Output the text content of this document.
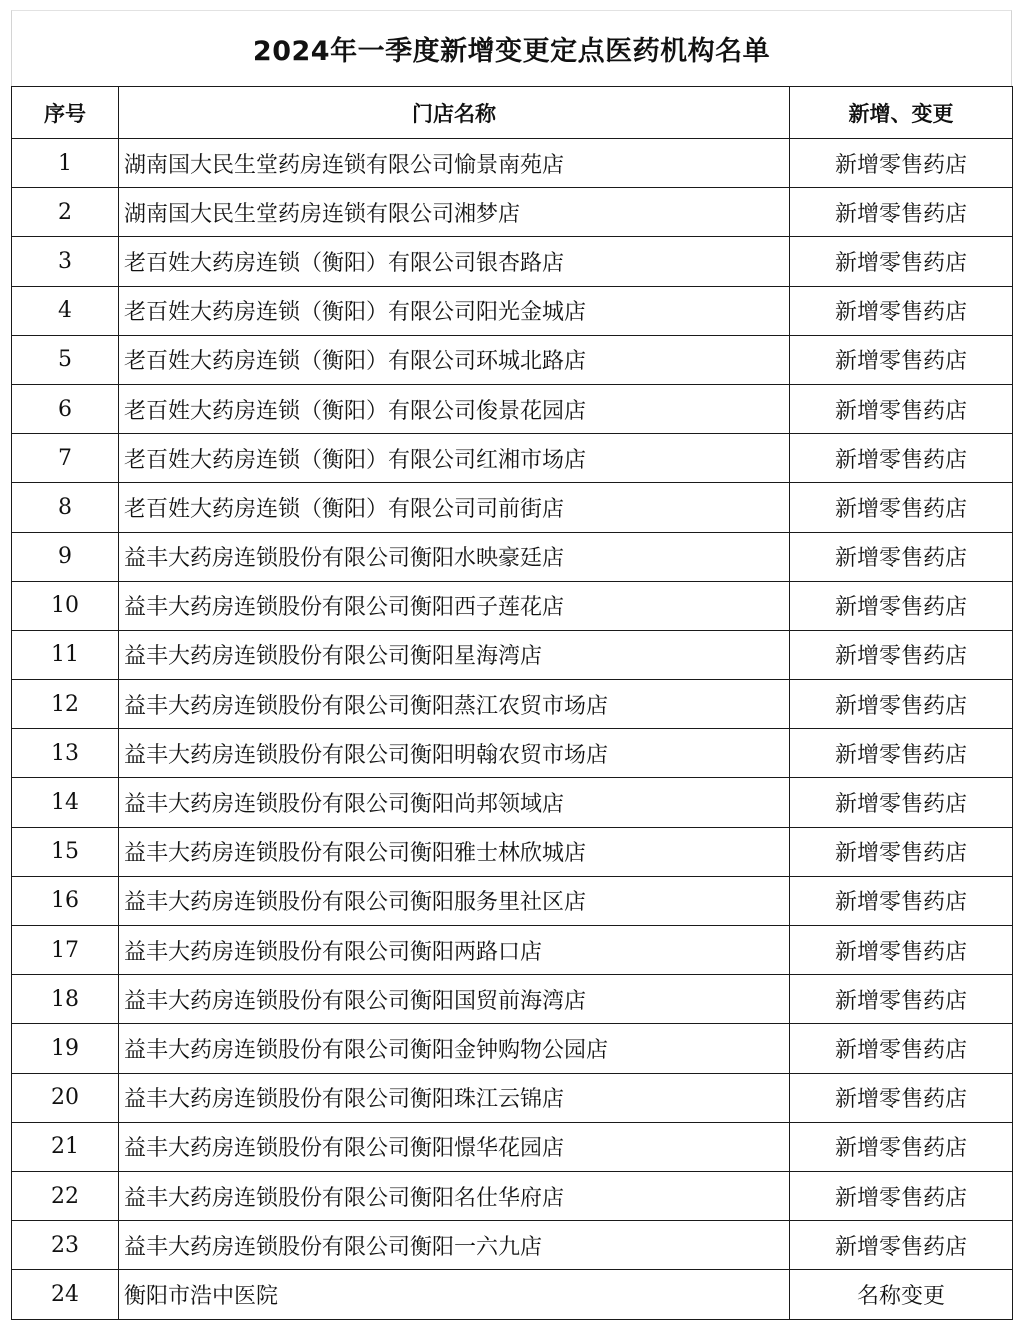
2024年一季度新增变更定点医药机构名单
序号	门店名称	新增、变更
1	湖南国大民生堂药房连锁有限公司愉景南苑店	新增零售药店
2	湖南国大民生堂药房连锁有限公司湘梦店	新增零售药店
3	老百姓大药房连锁（衡阳）有限公司银杏路店	新增零售药店
4	老百姓大药房连锁（衡阳）有限公司阳光金城店	新增零售药店
5	老百姓大药房连锁（衡阳）有限公司环城北路店	新增零售药店
6	老百姓大药房连锁（衡阳）有限公司俊景花园店	新增零售药店
7	老百姓大药房连锁（衡阳）有限公司红湘市场店	新增零售药店
8	老百姓大药房连锁（衡阳）有限公司司前街店	新增零售药店
9	益丰大药房连锁股份有限公司衡阳水映豪廷店	新增零售药店
10	益丰大药房连锁股份有限公司衡阳西子莲花店	新增零售药店
11	益丰大药房连锁股份有限公司衡阳星海湾店	新增零售药店
12	益丰大药房连锁股份有限公司衡阳蒸江农贸市场店	新增零售药店
13	益丰大药房连锁股份有限公司衡阳明翰农贸市场店	新增零售药店
14	益丰大药房连锁股份有限公司衡阳尚邦领域店	新增零售药店
15	益丰大药房连锁股份有限公司衡阳雅士林欣城店	新增零售药店
16	益丰大药房连锁股份有限公司衡阳服务里社区店	新增零售药店
17	益丰大药房连锁股份有限公司衡阳两路口店	新增零售药店
18	益丰大药房连锁股份有限公司衡阳国贸前海湾店	新增零售药店
19	益丰大药房连锁股份有限公司衡阳金钟购物公园店	新增零售药店
20	益丰大药房连锁股份有限公司衡阳珠江云锦店	新增零售药店
21	益丰大药房连锁股份有限公司衡阳憬华花园店	新增零售药店
22	益丰大药房连锁股份有限公司衡阳名仕华府店	新增零售药店
23	益丰大药房连锁股份有限公司衡阳一六九店	新增零售药店
24	衡阳市浩中医院	名称变更
